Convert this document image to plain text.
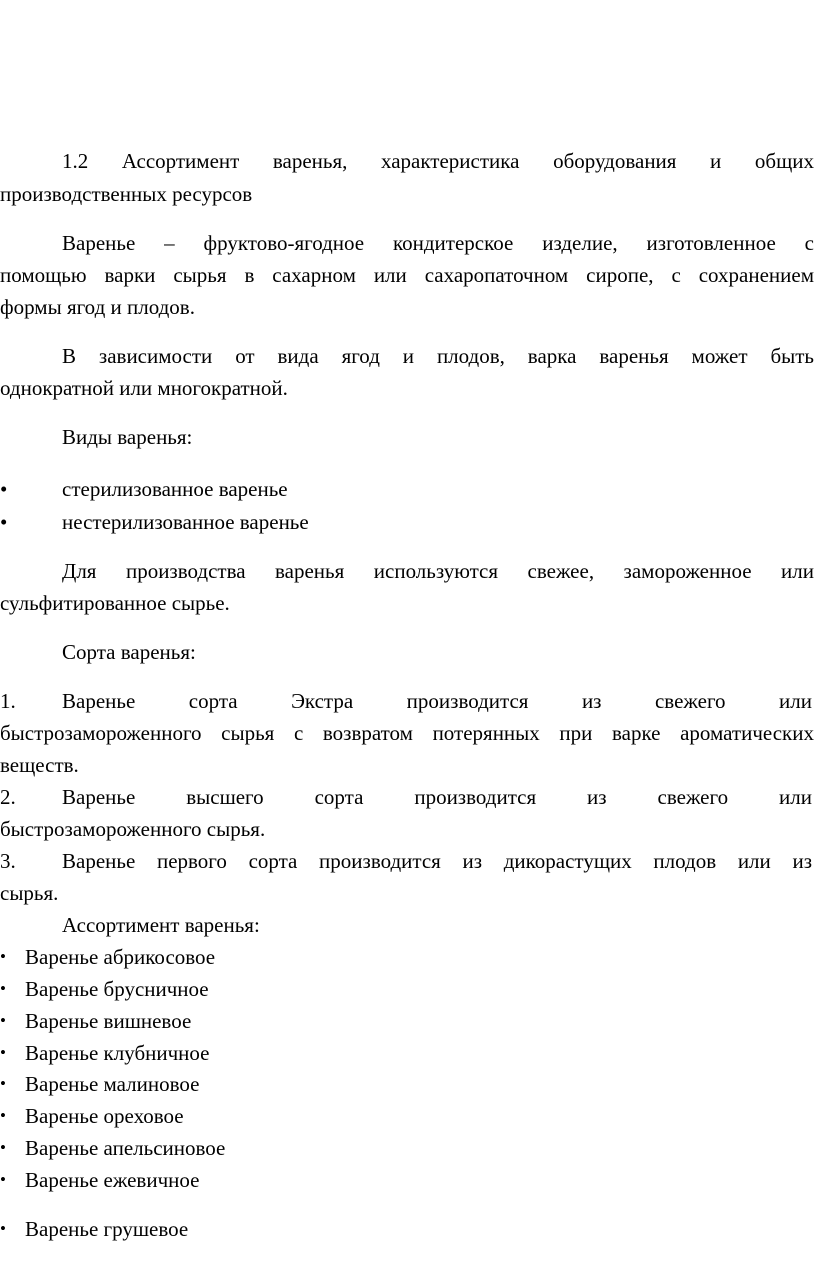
1.2 Ассортимент варенья, характеристика оборудования и общих
производственных ресурсов
Варенье – фруктово-ягодное кондитерское изделие, изготовленное с
помощью варки сырья в сахарном или сахаропаточном сиропе, с сохранением
формы ягод и плодов.
В зависимости от вида ягод и плодов, варка варенья может быть
однократной или многократной.
Виды варенья:
•	стерилизованное варенье
•	нестерилизованное варенье
Для производства варенья используются свежее, замороженное или
сульфитированное сырье.
Сорта варенья:
1. Варенье сорта Экстра производится из свежего или
быстрозамороженного сырья с возвратом потерянных при варке ароматических
веществ.
2. Варенье высшего сорта производится из свежего или
быстрозамороженного сырья.
3. Варенье первого сорта производится из дикорастущих плодов или из
сырья.
Ассортимент варенья:
• Варенье абрикосовое
• Варенье брусничное
• Варенье вишневое
• Варенье клубничное
• Варенье малиновое
• Варенье ореховое
• Варенье апельсиновое
• Варенье ежевичное
• Варенье грушевое
